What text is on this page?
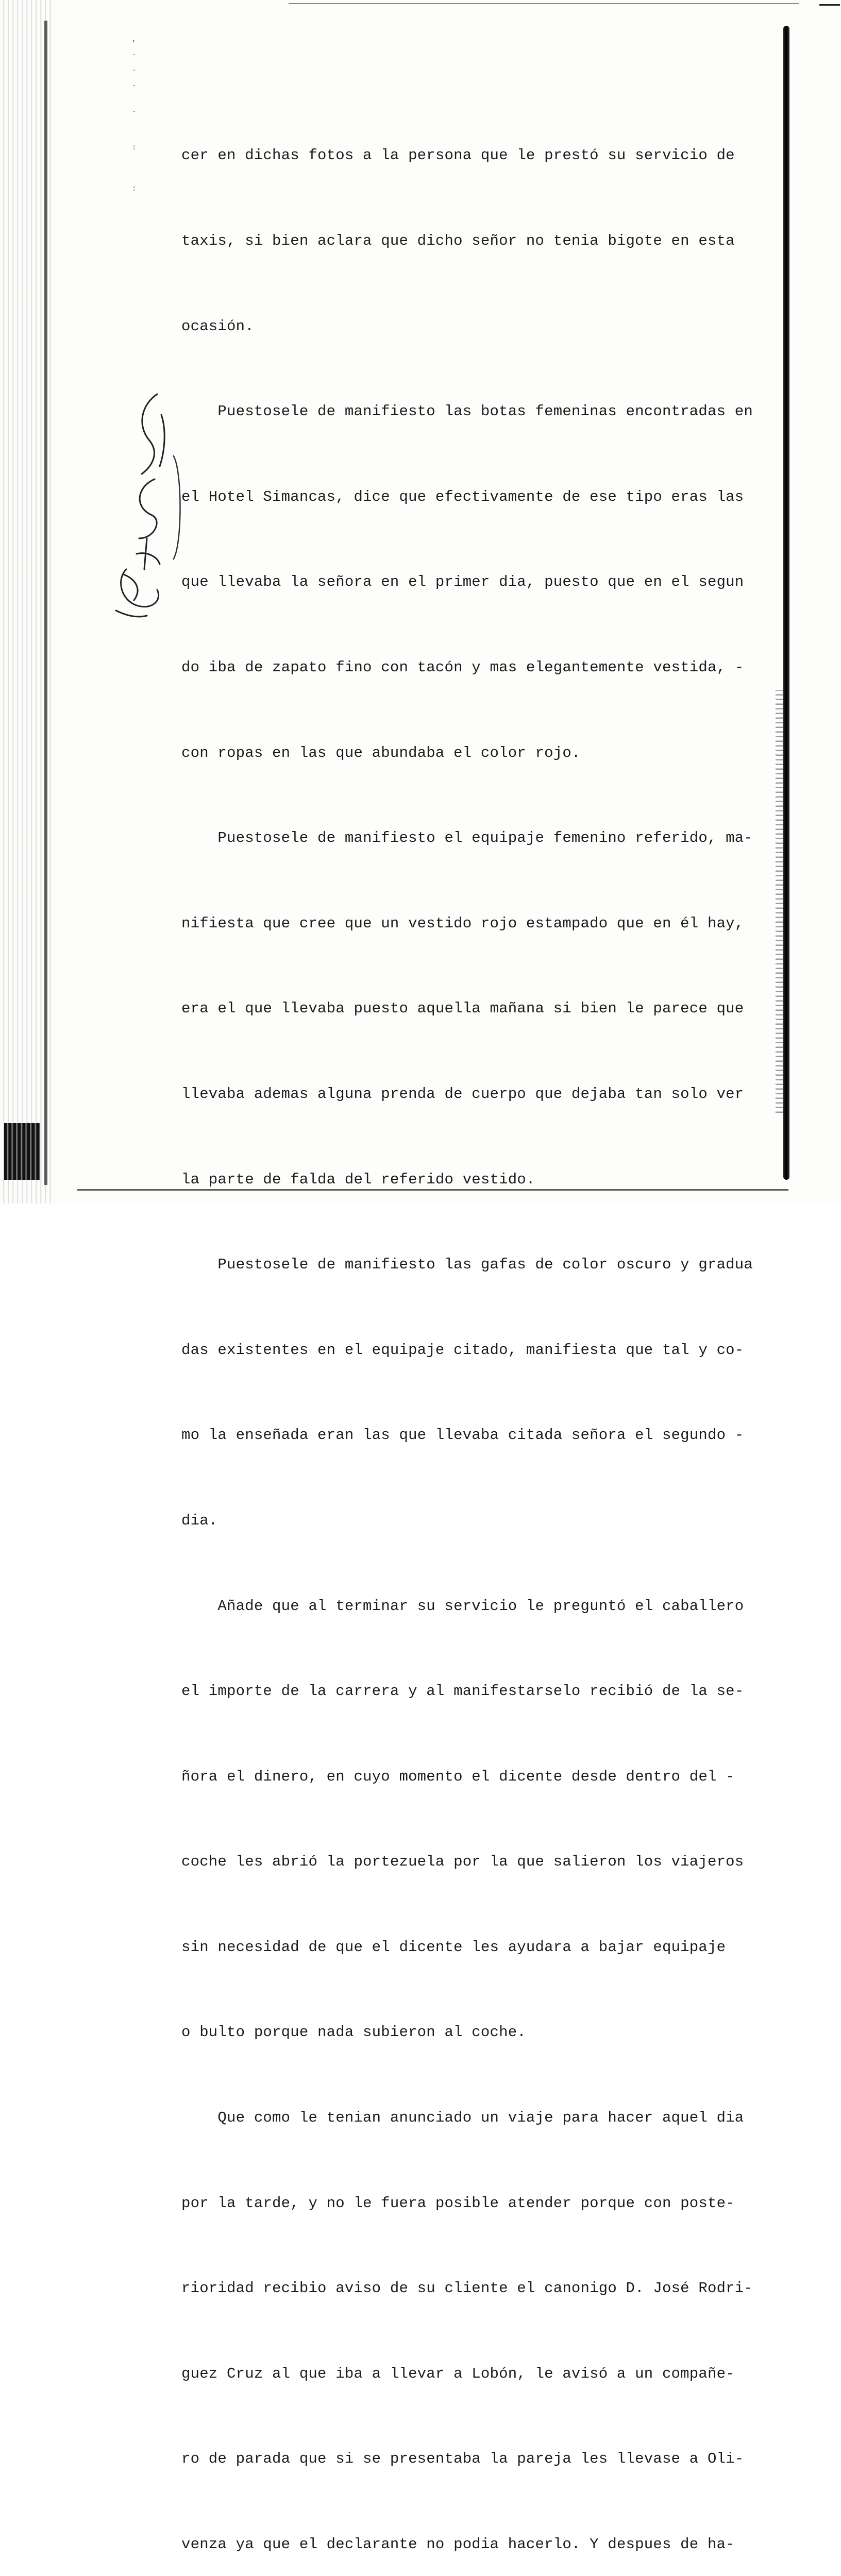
,
·
·
·
·
:
:

cer en dichas fotos a la persona que le prestó su servicio de

taxis, si bien aclara que dicho señor no tenia bigote en esta

ocasión.

Puestosele de manifiesto las botas femeninas encontradas en

el Hotel Simancas, dice que efectivamente de ese tipo eras las

que llevaba la señora en el primer dia, puesto que en el segun

do iba de zapato fino con tacón y mas elegantemente vestida, -

con ropas en las que abundaba el color rojo.

Puestosele de manifiesto el equipaje femenino referido, ma-

nifiesta que cree que un vestido rojo estampado que en él hay,

era el que llevaba puesto aquella mañana si bien le parece que

llevaba ademas alguna prenda de cuerpo que dejaba tan solo ver

la parte de falda del referido vestido.

Puestosele de manifiesto las gafas de color oscuro y gradua

das existentes en el equipaje citado, manifiesta que tal y co-

mo la enseñada eran las que llevaba citada señora el segundo -

dia.

Añade que al terminar su servicio le preguntó el caballero

el importe de la carrera y al manifestarselo recibió de la se-

ñora el dinero, en cuyo momento el dicente desde dentro del -

coche les abrió la portezuela por la que salieron los viajeros

sin necesidad de que el dicente les ayudara a bajar equipaje

o bulto porque nada subieron al coche.

Que como le tenian anunciado un viaje para hacer aquel dia

por la tarde, y no le fuera posible atender porque con poste-

rioridad recibio aviso de su cliente el canonigo D. José Rodri-

guez Cruz al que iba a llevar a Lobón, le avisó a un compañe-

ro de parada que si se presentaba la pareja les llevase a Oli-

venza ya que el declarante no podia hacerlo. Y despues de ha-
